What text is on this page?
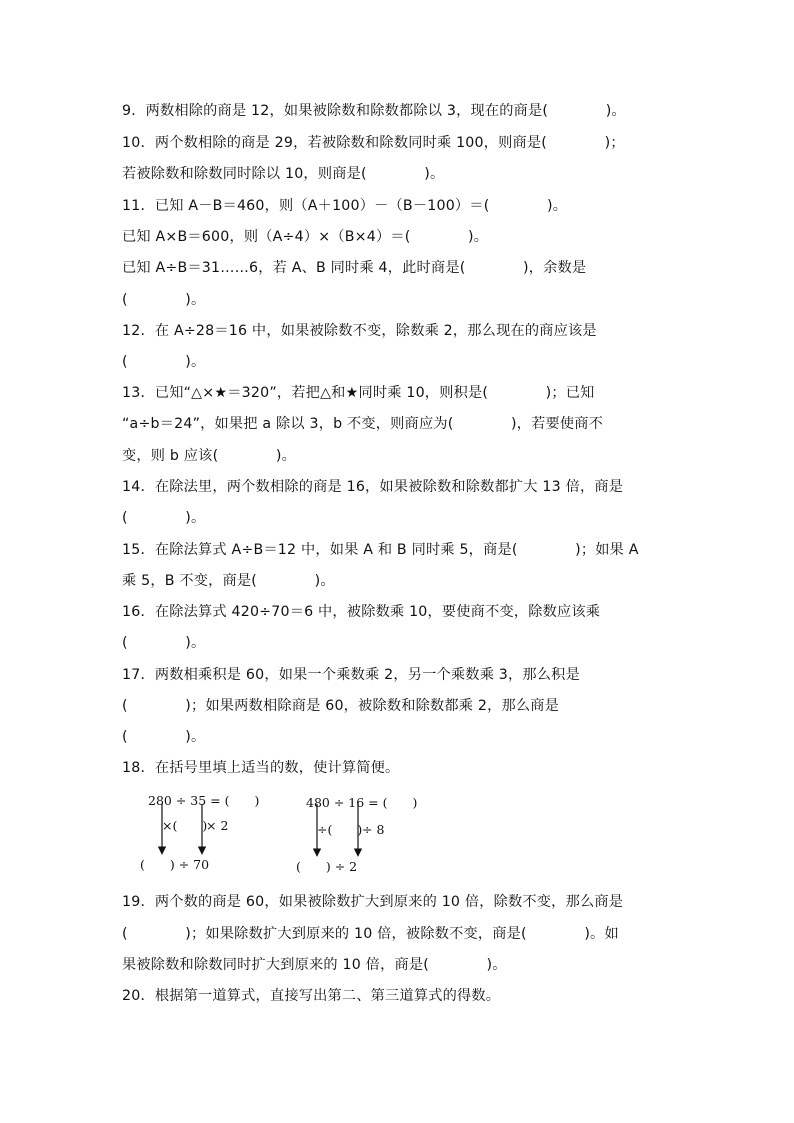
9．两数相除的商是 12，如果被除数和除数都除以 3，现在的商是(　　　　)。
10．两个数相除的商是 29，若被除数和除数同时乘 100，则商是(　　　　)；
若被除数和除数同时除以 10，则商是(　　　　)。
11．已知 A－B＝460，则（A＋100）－（B－100）＝(　　　　)。
已知 A×B＝600，则（A÷4）×（B×4）＝(　　　　)。
已知 A÷B＝31……6，若 A、B 同时乘 4，此时商是(　　　　)，余数是
(　　　　)。
12．在 A÷28＝16 中，如果被除数不变，除数乘 2，那么现在的商应该是
(　　　　)。
13．已知“△×★＝320”，若把△和★同时乘 10，则积是(　　　　)；已知
“a÷b＝24”，如果把 a 除以 3，b 不变，则商应为(　　　　)，若要使商不
变，则 b 应该(　　　　)。
14．在除法里，两个数相除的商是 16，如果被除数和除数都扩大 13 倍，商是
(　　　　)。
15．在除法算式 A÷B＝12 中，如果 A 和 B 同时乘 5，商是(　　　　)；如果 A
乘 5，B 不变，商是(　　　　)。
16．在除法算式 420÷70＝6 中，被除数乘 10，要使商不变，除数应该乘
(　　　　)。
17．两数相乘积是 60，如果一个乘数乘 2，另一个乘数乘 3，那么积是
(　　　　)；如果两数相除商是 60，被除数和除数都乘 2，那么商是
(　　　　)。
18．在括号里填上适当的数，使计算简便。
280 ÷ 35 = (　　)
×(　　)
× 2
(　　) ÷ 70
480 ÷ 16 = (　　)
÷(　　) ÷ 8
(　　) ÷ 2
19．两个数的商是 60，如果被除数扩大到原来的 10 倍，除数不变，那么商是
(　　　　)；如果除数扩大到原来的 10 倍，被除数不变，商是(　　　　)。如
果被除数和除数同时扩大到原来的 10 倍，商是(　　　　)。
20．根据第一道算式，直接写出第二、第三道算式的得数。
